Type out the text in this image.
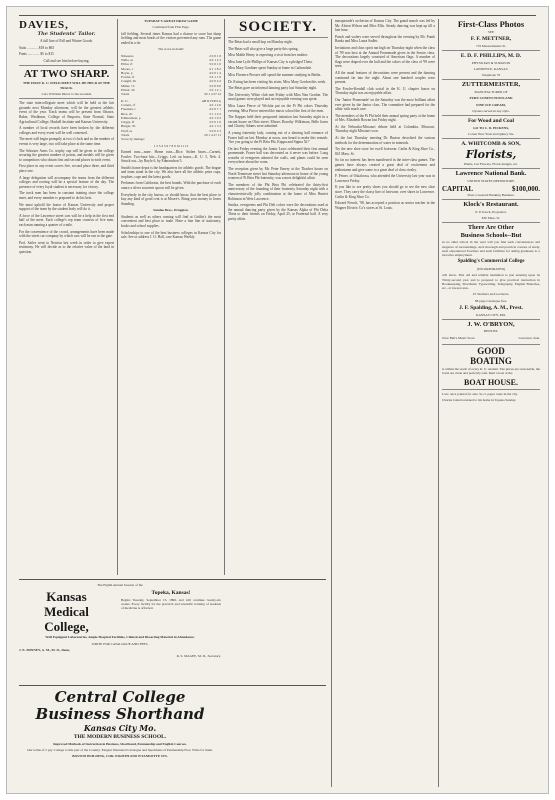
DAVIES,
The Students' Tailor.
A full line of Fall and Winter Goods.
Suits ............ $18 to $65
Pants ............. $5 to $15
Call and see him before buying.
AT TWO SHARP.
THE FIRST K. U. FIELD MEET WILL BE HELD AT THE TRACK.
Cars Will Run Direct to the Grounds

The state intercollegiate meet which will be held at the fair grounds next Monday afternoon, will be the greatest athletic event of the year. Track teams will be present from Ottawa, Baker, Washburn, College of Emporia, State Normal, State Agricultural College, Haskell Institute and Kansas University.

A number of local records have been broken by the different colleges and every event will be well contested.

The meet will begin promptly at two o'clock and as the number of events is very large, two will take place at the same time.

The Schuster Arms Co. trophy cup will be given to the college securing the greatest number of points, and medals will be given to competitors who obtain first and second places in each event.

First place in any event scores five, second place three, and third place one.

A large delegation will accompany the teams from the different colleges and rooting will be a special feature of the day. The presence of every loyal student is necessary for victory.

The track men has been in constant training since the college meet, and every member is prepared to do his best.

We must uphold the honor of Kansas University and proper support of the team by the student body will do it.

A force of the Lawrence street cars will be a help in the first end half of the meet. Each college's rep team consists of five men, each man running a quarter of a mile.

For the convenience of the crowd, arrangements have been made with the street car company by which cars will be run to the gate.

Prof. Sailer went to Newton last week in order to give expert testimony. He will decide as to the relative value of the land in question.

TUESDAY'S GREAT DRAW GAME
Continued from First Page.

fall fielding. Several times Kansas had a chance to score but sharp fielding and most heads of the visitors prevented any runs. The game ended in a tie.

The score in detail:
Ndseeres	2 0 0 1 0
Wells, ss	4 0 1 2 3
Elliot, rf	3 0 0 1 0
Moore, c	4 1 1 8 2
Boyle, p	4 0 0 1 4
Fowler, lf	3 0 1 1 0
Caugill, 2b	4 0 0 2 2
Miller, 1b	3 0 0 9 0
Elliott, 3b	3 0 1 2 1
Totals	30 1 4 27 12
K. U.	AB R H PO A
Carnett, cf	4 0 1 2 0
Freeman, c	4 0 0 7 1
Rice, 2b	3 1 1 2 2
Edmondson, p	4 0 1 0 3
Criggs, If	3 0 0 1 0
Burger, 3b	4 0 1 3 2
Wolf, ss	3 0 0 2 3
Totals	29 1 4 27 11
Score by innings:
1 2 3 4 5 6 7 8 9 10 11 12

Earned runs—none. Home runs—Rice. Stolen bases—Carnett, Fowler. Two-base hits—Criggs. Left on bases—K. U. 5, Neb. 4. Struck out—by Boyle 6, by Edmondson 5.

Smith's home depot is the headquarters for athletic goods. The league and team stand in the city. We also have all the athletic prize cups, trophies, cups and the latest goods.

Perfumes from California, the best brands. With the purchase of each ounce a silver souvenir spoon will be given.

Everybody in the city knows, or should know, that the best place to buy any kind of good cent is at Moore's. Bring your money to Jones Standing.

Sundae Bros., Druggists.

Students as well as others coming will find at Griffin's the most convenient and best place to trade. Have a fine line of stationery, books and school supplies.

Scholarships to one of the best business colleges in Kansas City for sale. See or address J. O. Hall, care Kansas Weekly.

SOCIETY.

The Betas had a small hop on Monday night.

The Betas will also give a large party this spring.

Miss Mable Henry is expecting a visit from her mother.

Miss Jane Lytle Phillips of Kansas City is a pledged Theta.

Miss Mary Gardiner spent Sunday at home in Carbondale.

Miss Florence Prosser will spend the summer studying in Berlin.

Dr. Ewing has been visiting his sister, Miss Mary Gordon this week.

The Betas gave an informal dancing party last Saturday night.

The University White club met Friday with Miss Nan Gordon. The usual games were played and an enjoyable evening was spent.

Miss Laura Pierce of Wichita put on the Pi Phi colors Thursday evening. Miss Pierce entered the music school the first of the term.

The Kappas held their postponed initiation last Saturday night in a vacant house on Ohio street. Misses Dorothy Wilkinson, Belle Jones and Charity Adams were admitted.

A young fraternity lady, coming out of a dancing hall entrance of Fraser hall on last Monday at noon, was heard to make this remark: 'Are you going to the Pi Beta Phi, Kappa and Sigma Xi?'

On last Friday evening the Junior Laws celebrated their first annual promenade. Fraser hall was decorated as it never was before. Long wreaths of evergreen adorned the walls, and plants could be seen everywhere about the room.

The reception given by Mr. Peter Emery at the Thacher house on North Tennessee street last Saturday afternoon in honor of the young women of Pi Beta Phi fraternity, was a most delightful affair.

The members of the Phi Beta Phi celebrated the thirty-first anniversary of the founding of their fraternity Saturday night with a characteristically jolly combination at the home of Miss Harriet Robinson in West Lawrence.

Smilax, evergreens and Phi Delt colors were the decorations used at the annual dancing party given by the Kansas Alpha of Phi Delta Theta to their friends on Friday, April 25, at Fraternal hall. A very pretty affair.

masquerade's orchestra of Kansas City. The grand march was led by Mr. Alston Wilson and Miss Ellis. Steady dancing was kept up till a late hour.

Punch and wafers were served throughout the evening by Mr. Frank Banks and Miss Laura Sadler.

Invitations and class spirit ran high on Thursday night when the class of '99 was host at the Annual Promenade given in the Senior class. The decorations largely consisted of American flags. A number of flags were draped over the hall and the colors of the class of '99 were seen.

All the usual features of decorations were present and the dancing continued far into the night. About one hundred couples were present.

The Fowler-Kendall club social in the K. U. chapter house on Thursday night was an enjoyable affair.

Our 'Junior Promenade' on the Saturday was the most brilliant affair ever given by the Junior class. The committee had prepared for the affair with much care.

The members of the Pi Phi held their annual spring party at the home of Mrs. Elizabeth Rowan last Friday night.

At the Nebraska-Missouri debate held at Columbia, Missouri, Thursday night Missouri won.

At the last Thursday meeting Dr. Burton described the various methods for the determination of water in minerals.

Try the new shoe store for swell footwear. Carlin & King Shoe Co., 841 Mass. St.

So far no interest has been manifested in the inter-class games. The games have always created a great deal of excitement and enthusiasm and give some to a great deal of class rivalry.

F. Feiner, of Oskaloosa, who attended the University last year was in Lawrence Friday.

If you like to see pretty shoes you should go to see the new shoe store. They carry the classy line of footwear, over shoes in Lawrence. Carlin & King Shoe Co.

Edward French, '98, has accepted a position as senior teacher in the Wagner Electric Co's stores at St. Louis.

First-Class Photos
SEE
F. F. METTNER,
719 Massachusetts St.
E. D. F. PHILLIPS, M. D.
PHYSICIAN & SURGEON
LAWRENCE, KANSAS.
Telephone 76
ZUTTERMEISTER,
MANUFACTURER OF
PURE CONFECTIONS AND
FINE ICE CREAM,
Oysters served in any style.
For Wood and Coal
GO TO C. D. PICKENS,
Corner New York and Quincy Sts.
A. WHITCOMB & SON,
Florists,
Plants, Cut Flowers, Floral designs, etc.
Lawrence National Bank.
UNITED STATES DEPOSITORY.
CAPITAL	$100,000.
Does a General Banking Business.
Klock's Restaurant.
E. P. Klock, Proprietor.
830 Mass. St.
There Are Other
Business Schools--But

in no other school in the west will you find such conveniences and elegance of surroundings, such thorough and practical courses of study, such experienced Teachers and such facilities for aiding graduates to a lucrative employment.

Spalding's Commercial College
(INCORPORATED)

will show. This old and reliable institution is just entering upon its Thirty-second year and is prepared to give practical instruction in Bookkeeping, Shorthand, Typewriting, Telegraphy, English Branches, etc., at lowest rates.

25 Teachers and Lecturers.
88 page Catalogue free.
J. F. Spalding, A. M., Prest.
KANSAS CITY, MO.
J. W. O'BRYON,
DENTIST.
Over Bell's Music Store.	Lawrence, Kan.
GOOD
BOATING

is within the reach of every K. U. student. The prices are reasonable, the boats are clean and perfectly safe. Rent a boat at the

BOAT HOUSE.

Law; once journal for sale. Ss ct. paper route in the city.

Charles Glend returned to his home in Topeka Sunday.

The Eighth Annual Session of the
Kansas
Medical
College,
Topeka, Kansas!

Begins Tuesday, September 15, 1896, and will continue twenty-six weeks. Every facility for the practical and scientific training of students of medicine is afforded.

Well Equipped Laboratories, Ample Hospital Facilities, Clinical and Dissecting Material in Abundance.
WRITE FOR CATALOGUE AND FEES.
J. E. MINNEY, A. M., M. D., Dean,
R. S. MAGEE, M. D., Secretary.
Central College
Business Shorthand
Kansas City Mo.
THE MODERN BUSINESS SCHOOL.
Improved Methods of Instruction in Business, Shorthand, Penmanship and English Courses.
Our terms of 2 pay College to this part of the Country. Elegant Illustrated Catalogue and Specimens of Penmanship Free. Write for them.
BOSTON BUILDING, COR. EIGHTH AND WYANDOTTE STS.
